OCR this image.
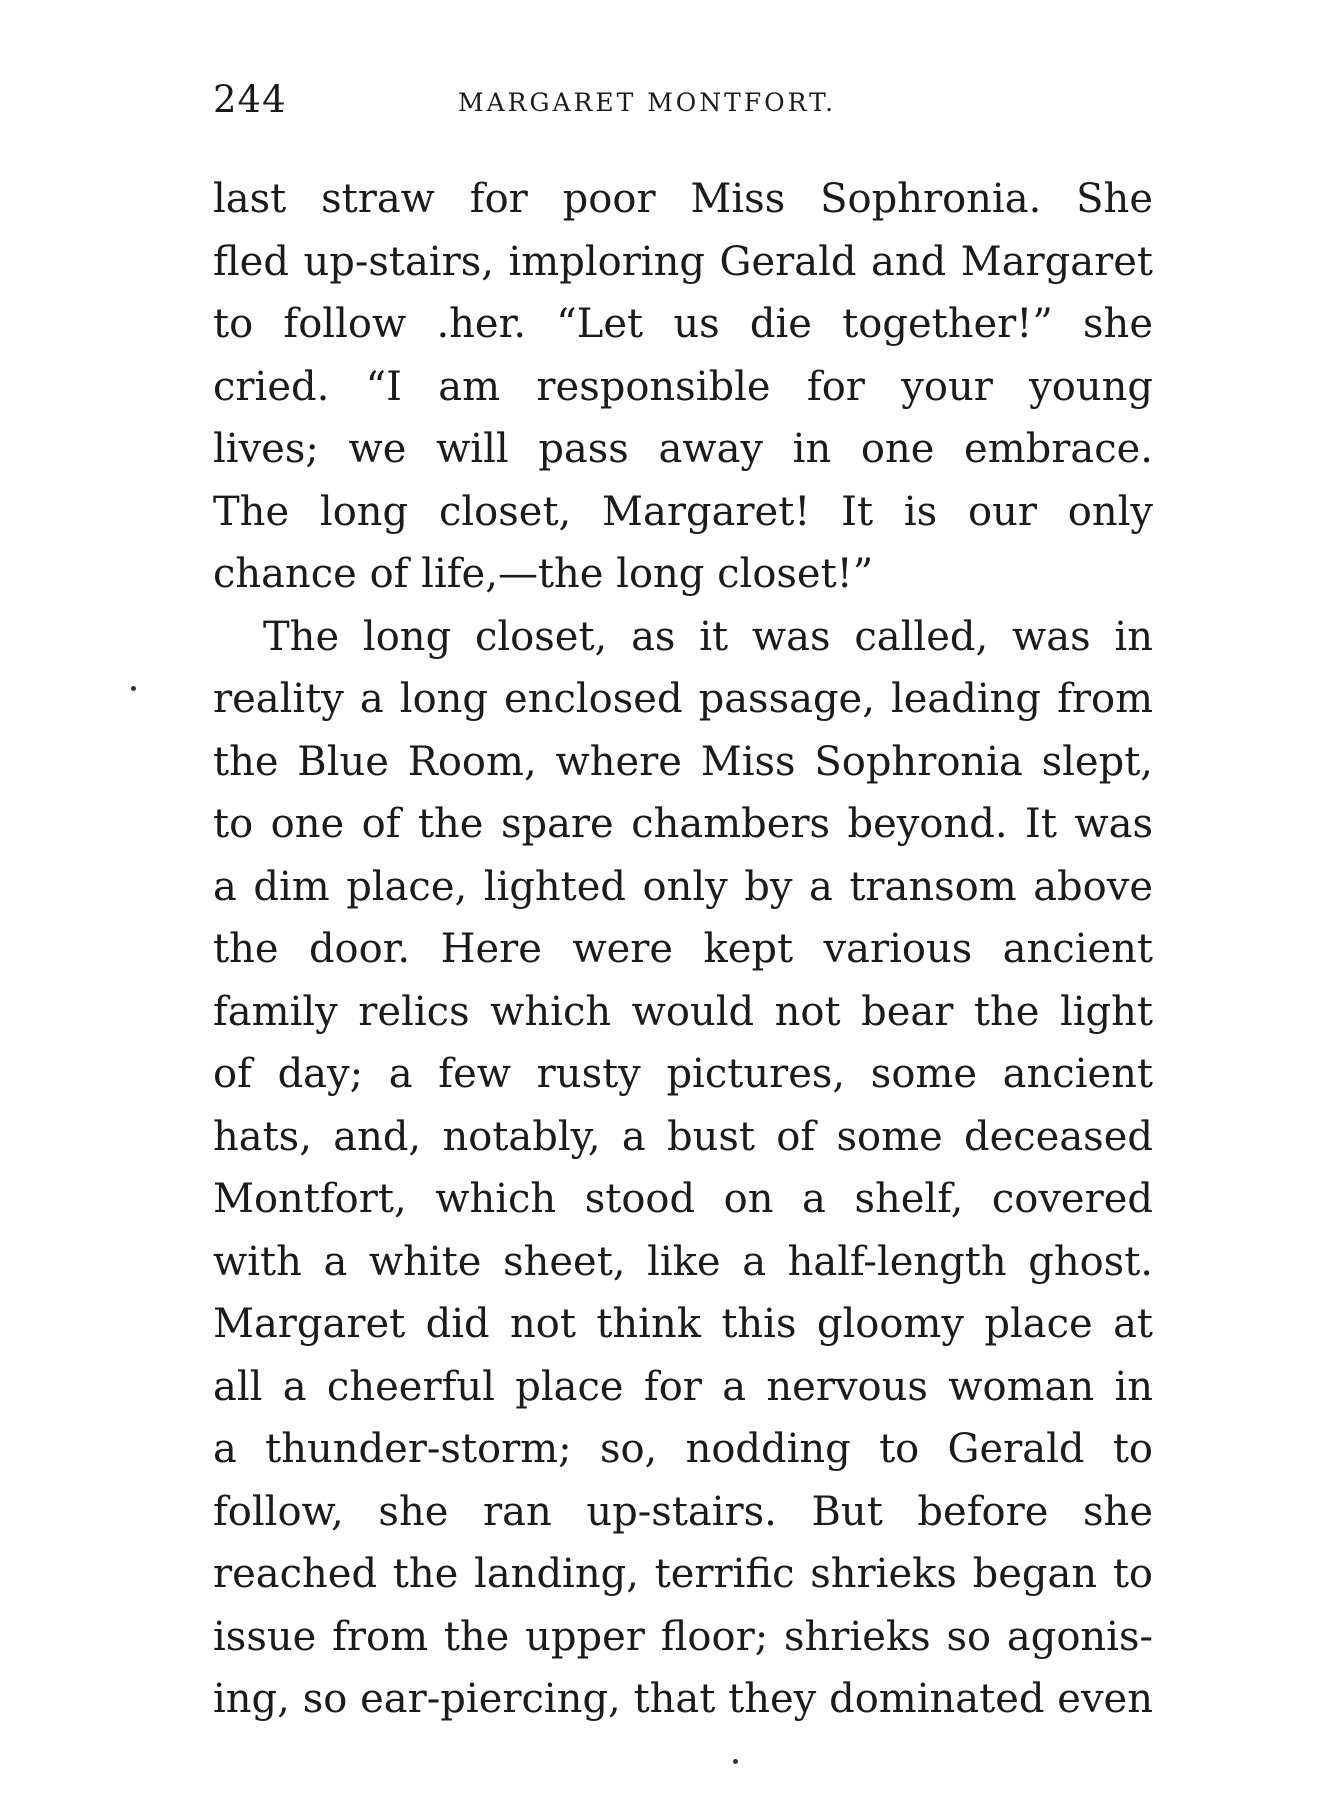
244	MARGARET MONTFORT.
last straw for poor Miss Sophronia. She
fled up-stairs, imploring Gerald and Margaret
to follow .her. “Let us die together!” she
cried. “I am responsible for your young
lives; we will pass away in one embrace.
The long closet, Margaret! It is our only
chance of life,—the long closet!”
The long closet, as it was called, was in
reality a long enclosed passage, leading from
the Blue Room, where Miss Sophronia slept,
to one of the spare chambers beyond. It was
a dim place, lighted only by a transom above
the door. Here were kept various ancient
family relics which would not bear the light
of day; a few rusty pictures, some ancient
hats, and, notably, a bust of some deceased
Montfort, which stood on a shelf, covered
with a white sheet, like a half-length ghost.
Margaret did not think this gloomy place at
all a cheerful place for a nervous woman in
a thunder-storm; so, nodding to Gerald to
follow, she ran up-stairs. But before she
reached the landing, terrific shrieks began to
issue from the upper floor; shrieks so agonis-
ing, so ear-piercing, that they dominated even
